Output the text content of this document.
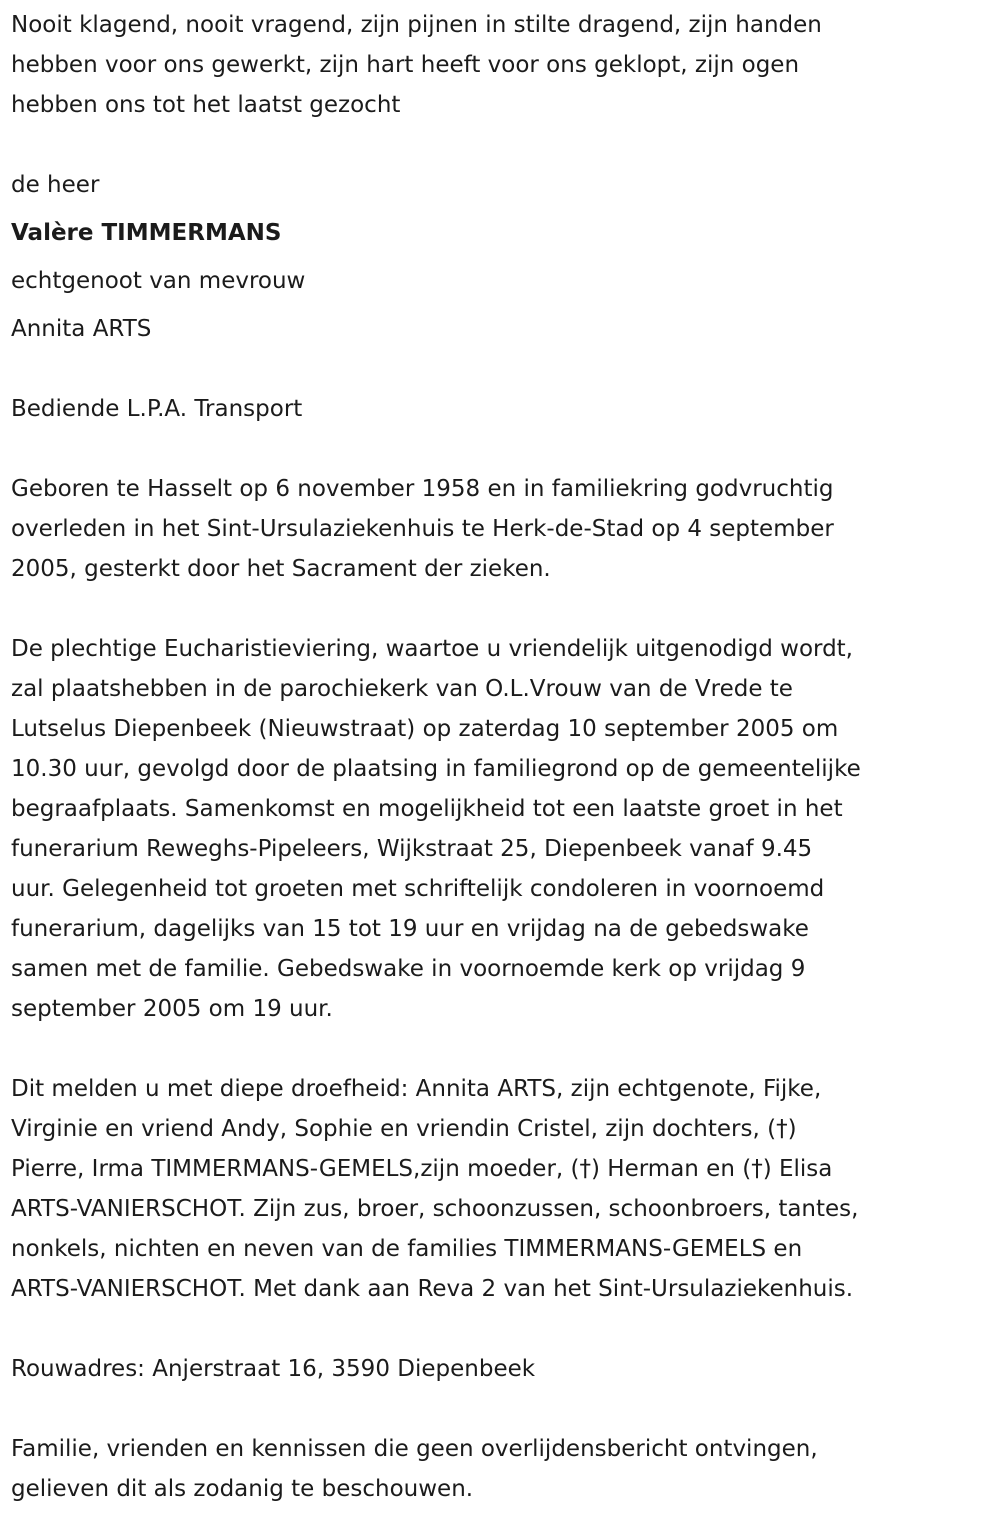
Nooit klagend, nooit vragend, zijn pijnen in stilte dragend, zijn handen
hebben voor ons gewerkt, zijn hart heeft voor ons geklopt, zijn ogen
hebben ons tot het laatst gezocht
de heer
Valère TIMMERMANS
echtgenoot van mevrouw
Annita ARTS
Bediende L.P.A. Transport
Geboren te Hasselt op 6 november 1958 en in familiekring godvruchtig
overleden in het Sint-Ursulaziekenhuis te Herk-de-Stad op 4 september
2005, gesterkt door het Sacrament der zieken.
De plechtige Eucharistieviering, waartoe u vriendelijk uitgenodigd wordt,
zal plaatshebben in de parochiekerk van O.L.Vrouw van de Vrede te
Lutselus Diepenbeek (Nieuwstraat) op zaterdag 10 september 2005 om
10.30 uur, gevolgd door de plaatsing in familiegrond op de gemeentelijke
begraafplaats. Samenkomst en mogelijkheid tot een laatste groet in het
funerarium Reweghs-Pipeleers, Wijkstraat 25, Diepenbeek vanaf 9.45
uur. Gelegenheid tot groeten met schriftelijk condoleren in voornoemd
funerarium, dagelijks van 15 tot 19 uur en vrijdag na de gebedswake
samen met de familie. Gebedswake in voornoemde kerk op vrijdag 9
september 2005 om 19 uur.
Dit melden u met diepe droefheid: Annita ARTS, zijn echtgenote, Fijke,
Virginie en vriend Andy, Sophie en vriendin Cristel, zijn dochters, (†)
Pierre, Irma TIMMERMANS-GEMELS,zijn moeder, (†) Herman en (†) Elisa
ARTS-VANIERSCHOT. Zijn zus, broer, schoonzussen, schoonbroers, tantes,
nonkels, nichten en neven van de families TIMMERMANS-GEMELS en
ARTS-VANIERSCHOT. Met dank aan Reva 2 van het Sint-Ursulaziekenhuis.
Rouwadres: Anjerstraat 16, 3590 Diepenbeek
Familie, vrienden en kennissen die geen overlijdensbericht ontvingen,
gelieven dit als zodanig te beschouwen.
